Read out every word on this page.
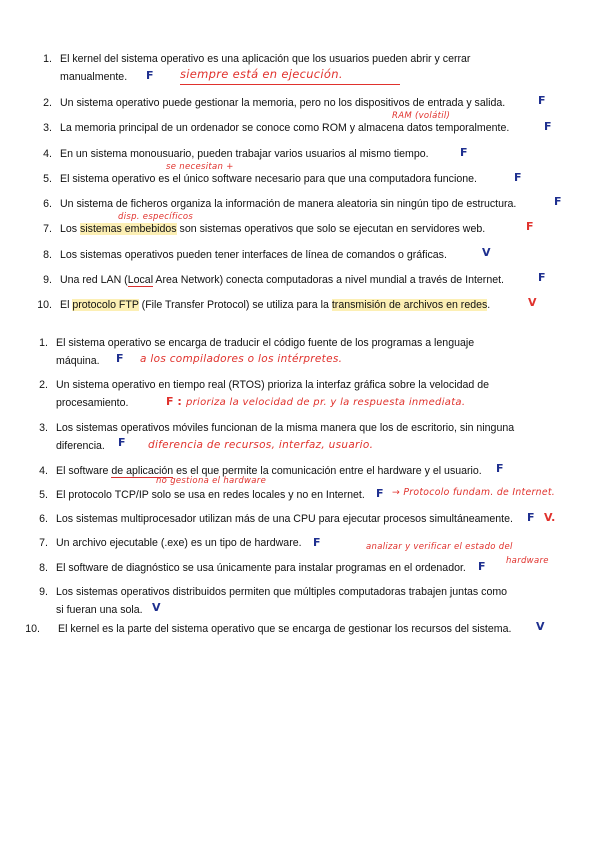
1. El kernel del sistema operativo es una aplicación que los usuarios pueden abrir y cerrar
manualmente. F siempre está en ejecución.
2. Un sistema operativo puede gestionar la memoria, pero no los dispositivos de entrada y salida.	F
RAM (volátil)
3. La memoria principal de un ordenador se conoce como ROM y almacena datos temporalmente.	F
4. En un sistema monousuario, pueden trabajar varios usuarios al mismo tiempo.	F
se necesitan +
5. El sistema operativo es el único software necesario para que una computadora funcione.	F
6. Un sistema de ficheros organiza la información de manera aleatoria sin ningún tipo de estructura.	F
disp. específicos
7. Los sistemas embebidos son sistemas operativos que solo se ejecutan en servidores web.	F
8. Los sistemas operativos pueden tener interfaces de línea de comandos o gráficas.	V
9. Una red LAN (Local Area Network) conecta computadoras a nivel mundial a través de Internet.	F
10. El protocolo FTP (File Transfer Protocol) se utiliza para la transmisión de archivos en redes.	V
1. El sistema operativo se encarga de traducir el código fuente de los programas a lenguaje
máquina. F a los compiladores o los intérpretes.
2. Un sistema operativo en tiempo real (RTOS) prioriza la interfaz gráfica sobre la velocidad de
procesamiento.	F : prioriza la velocidad de pr. y la respuesta inmediata.
3. Los sistemas operativos móviles funcionan de la misma manera que los de escritorio, sin ninguna
diferencia. F diferencia de recursos, interfaz, usuario.
4. El software de aplicación es el que permite la comunicación entre el hardware y el usuario. F
no gestiona el hardware
5. El protocolo TCP/IP solo se usa en redes locales y no en Internet. F → Protocolo fundam. de Internet.
6. Los sistemas multiprocesador utilizan más de una CPU para ejecutar procesos simultáneamente. F V.
7. Un archivo ejecutable (.exe) es un tipo de hardware. F	analizar y verificar el estado del
hardware
8. El software de diagnóstico se usa únicamente para instalar programas en el ordenador. F
9. Los sistemas operativos distribuidos permiten que múltiples computadoras trabajen juntas como
si fueran una sola. V
10. El kernel es la parte del sistema operativo que se encarga de gestionar los recursos del sistema. V
